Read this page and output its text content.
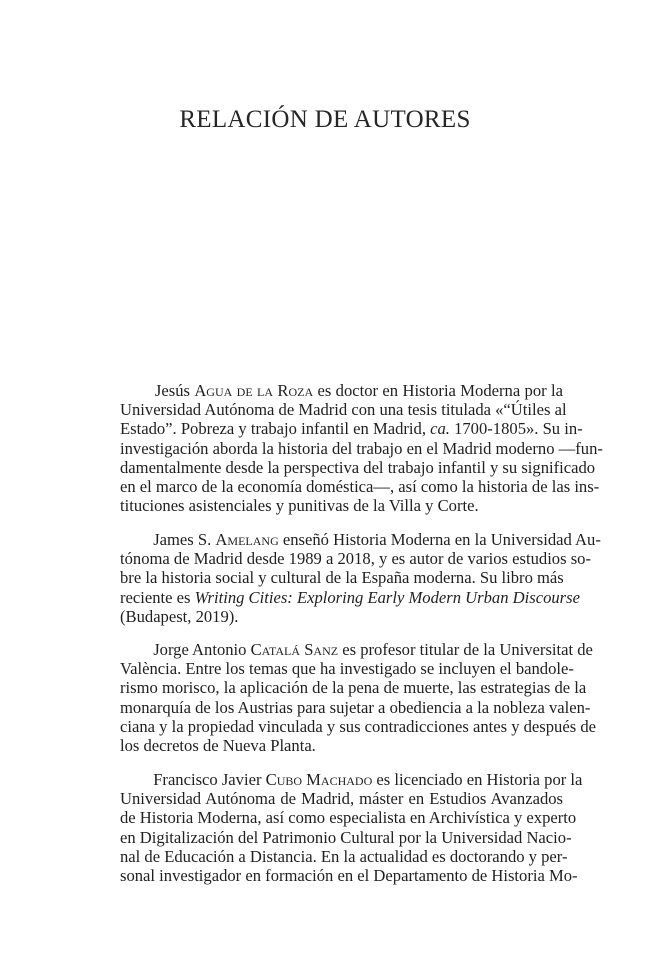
RELACIÓN DE AUTORES
Jesús Agua de la Roza es doctor en Historia Moderna por la
Universidad Autónoma de Madrid con una tesis titulada «“Útiles al
Estado”. Pobreza y trabajo infantil en Madrid, ca. 1700-1805». Su in-
investigación aborda la historia del trabajo en el Madrid moderno —fun-
damentalmente desde la perspectiva del trabajo infantil y su significado
en el marco de la economía doméstica—, así como la historia de las ins-
tituciones asistenciales y punitivas de la Villa y Corte.
James S. Amelang enseñó Historia Moderna en la Universidad Au-
tónoma de Madrid desde 1989 a 2018, y es autor de varios estudios so-
bre la historia social y cultural de la España moderna. Su libro más
reciente es Writing Cities: Exploring Early Modern Urban Discourse
(Budapest, 2019).
Jorge Antonio Catalá Sanz es profesor titular de la Universitat de
València. Entre los temas que ha investigado se incluyen el bandole-
rismo morisco, la aplicación de la pena de muerte, las estrategias de la
monarquía de los Austrias para sujetar a obediencia a la nobleza valen-
ciana y la propiedad vinculada y sus contradicciones antes y después de
los decretos de Nueva Planta.
Francisco Javier Cubo Machado es licenciado en Historia por la
Universidad Autónoma de Madrid, máster en Estudios Avanzados
de Historia Moderna, así como especialista en Archivística y experto
en Digitalización del Patrimonio Cultural por la Universidad Nacio-
nal de Educación a Distancia. En la actualidad es doctorando y per-
sonal investigador en formación en el Departamento de Historia Mo-
